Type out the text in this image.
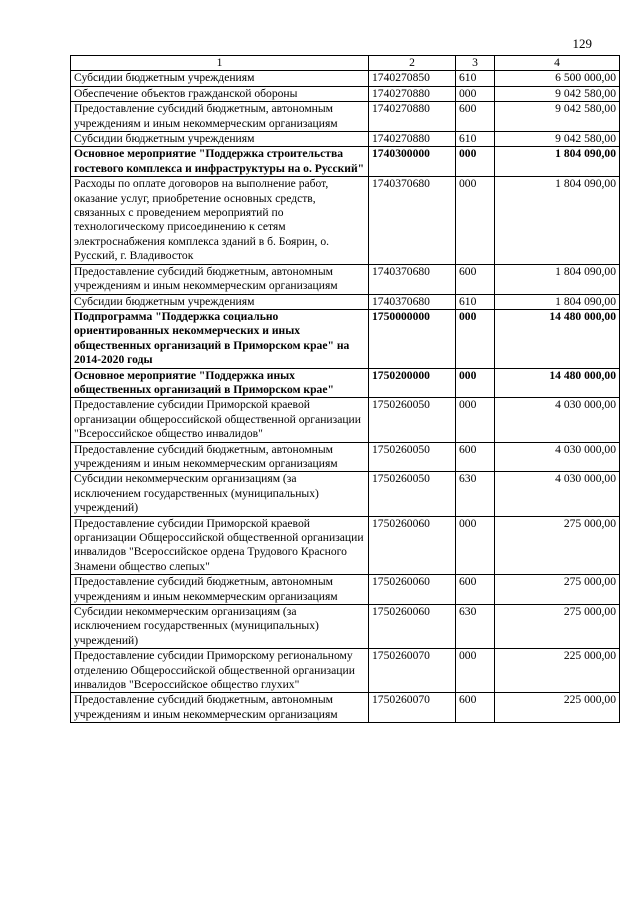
129
1	2	3	4
Субсидии бюджетным учреждениям	1740270850	610	6 500 000,00
Обеспечение объектов гражданской обороны	1740270880	000	9 042 580,00
Предоставление субсидий бюджетным, автономным учреждениям и иным некоммерческим организациям	1740270880	600	9 042 580,00
Субсидии бюджетным учреждениям	1740270880	610	9 042 580,00
Основное мероприятие "Поддержка строительства гостевого комплекса и инфраструктуры на о. Русский"	1740300000	000	1 804 090,00
Расходы по оплате договоров на выполнение работ, оказание услуг, приобретение основных средств, связанных с проведением мероприятий по технологическому присоединению к сетям электроснабжения комплекса зданий в б. Боярин, о. Русский, г. Владивосток	1740370680	000	1 804 090,00
Предоставление субсидий бюджетным, автономным учреждениям и иным некоммерческим организациям	1740370680	600	1 804 090,00
Субсидии бюджетным учреждениям	1740370680	610	1 804 090,00
Подпрограмма "Поддержка социально ориентированных некоммерческих и иных общественных организаций в Приморском крае" на 2014-2020 годы	1750000000	000	14 480 000,00
Основное мероприятие "Поддержка иных общественных организаций в Приморском крае"	1750200000	000	14 480 000,00
Предоставление субсидии Приморской краевой организации общероссийской общественной организации "Всероссийское общество инвалидов"	1750260050	000	4 030 000,00
Предоставление субсидий бюджетным, автономным учреждениям и иным некоммерческим организациям	1750260050	600	4 030 000,00
Субсидии некоммерческим организациям (за исключением государственных (муниципальных) учреждений)	1750260050	630	4 030 000,00
Предоставление субсидии Приморской краевой организации Общероссийской общественной организации инвалидов "Всероссийское ордена Трудового Красного Знамени общество слепых"	1750260060	000	275 000,00
Предоставление субсидий бюджетным, автономным учреждениям и иным некоммерческим организациям	1750260060	600	275 000,00
Субсидии некоммерческим организациям (за исключением государственных (муниципальных) учреждений)	1750260060	630	275 000,00
Предоставление субсидии Приморскому региональному отделению Общероссийской общественной организации инвалидов "Всероссийское общество глухих"	1750260070	000	225 000,00
Предоставление субсидий бюджетным, автономным учреждениям и иным некоммерческим организациям	1750260070	600	225 000,00
